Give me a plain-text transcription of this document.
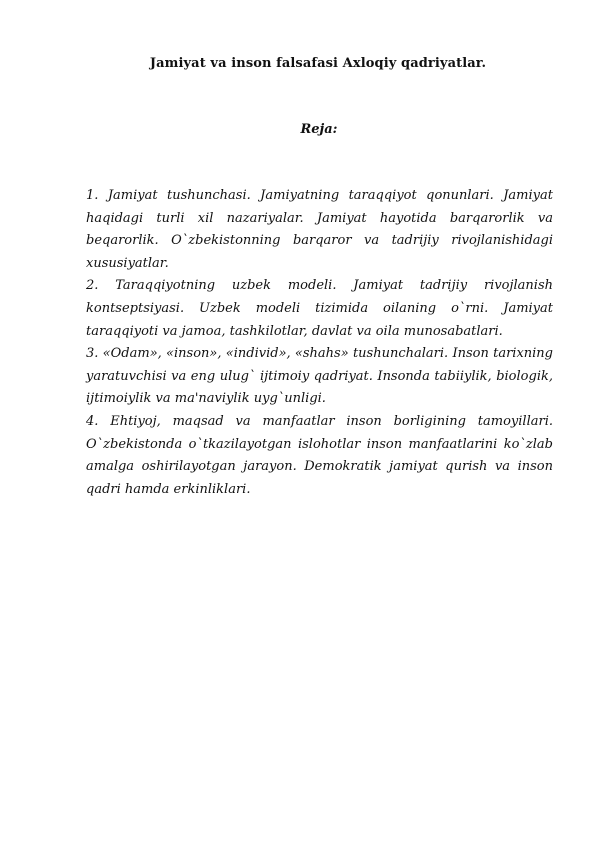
Jamiyat va inson falsafasi Axloqiy qadriyatlar.
Reja:

1. Jamiyat tushunchasi. Jamiyatning taraqqiyot qonunlari. Jamiyat haqidagi turli xil nazariyalar. Jamiyat hayotida barqarorlik va beqarorlik. O`zbekistonning barqaror va tadrijiy rivojlanishidagi xususiyatlar.

2. Taraqqiyotning uzbek modeli. Jamiyat tadrijiy rivojlanish kontseptsiyasi. Uzbek modeli tizimida oilaning o`rni. Jamiyat taraqqiyoti va jamoa, tashkilotlar, davlat va oila munosabatlari.

3. «Odam», «inson», «individ», «shahs» tushunchalari. Inson tarixning yaratuvchisi va eng ulug` ijtimoiy qadriyat. Insonda tabiiylik, biologik, ijtimoiylik va ma'naviylik uyg`unligi.

4. Ehtiyoj, maqsad va manfaatlar inson borligining tamoyillari. O`zbekistonda o`tkazilayotgan islohotlar inson manfaatlarini ko`zlab amalga oshirilayotgan jarayon. Demokratik jamiyat qurish va inson qadri hamda erkinliklari.
